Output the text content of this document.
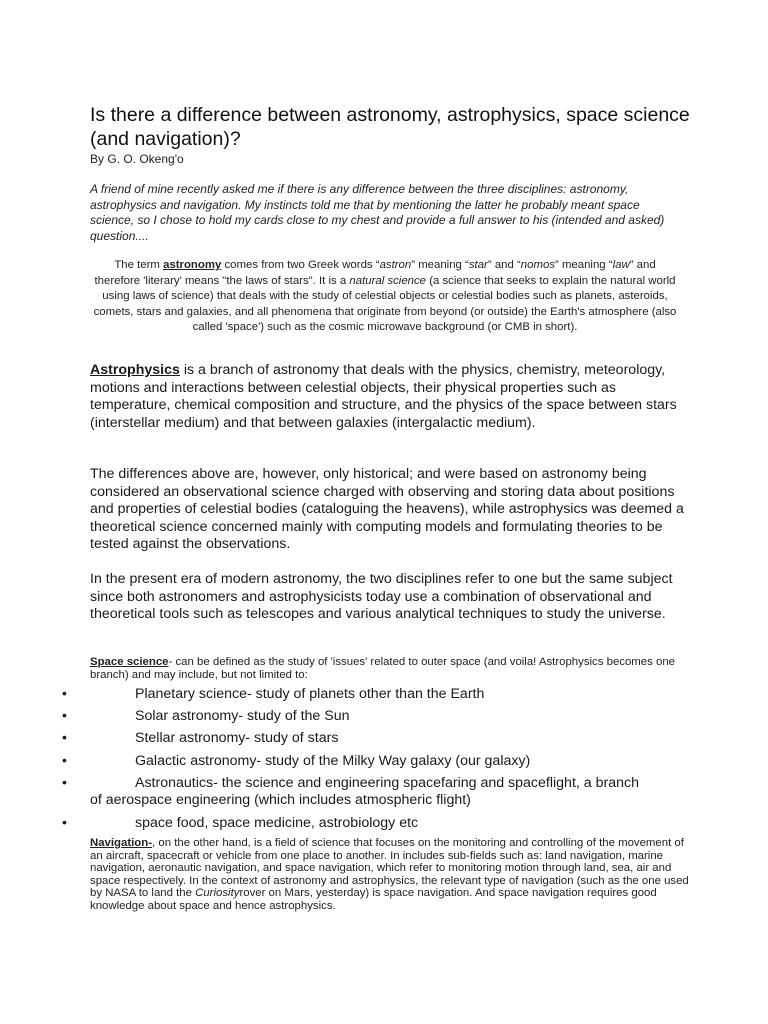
Is there a difference between astronomy, astrophysics, space science (and navigation)?
By G. O. Okeng'o

A friend of mine recently asked me if there is any difference between the three disciplines: astronomy, astrophysics and navigation. My instincts told me that by mentioning the latter he probably meant space science, so I chose to hold my cards close to my chest and provide a full answer to his (intended and asked) question....

The term astronomy comes from two Greek words “astron” meaning “star” and “nomos” meaning “law” and therefore 'literary' means "the laws of stars". It is a natural science (a science that seeks to explain the natural world using laws of science) that deals with the study of celestial objects or celestial bodies such as planets, asteroids, comets, stars and galaxies, and all phenomena that originate from beyond (or outside) the Earth's atmosphere (also called 'space') such as the cosmic microwave background (or CMB in short).

Astrophysics is a branch of astronomy that deals with the physics, chemistry, meteorology, motions and interactions between celestial objects, their physical properties such as temperature, chemical composition and structure, and the physics of the space between stars (interstellar medium) and that between galaxies (intergalactic medium).

The differences above are, however, only historical; and were based on astronomy being considered an observational science charged with observing and storing data about positions and properties of celestial bodies (cataloguing the heavens), while astrophysics was deemed a theoretical science concerned mainly with computing models and formulating theories to be tested against the observations.

In the present era of modern astronomy, the two disciplines refer to one but the same subject since both astronomers and astrophysicists today use a combination of observational and theoretical tools such as telescopes and various analytical techniques to study the universe.

Space science- can be defined as the study of 'issues' related to outer space (and voila! Astrophysics becomes one branch) and may include, but not limited to:

•	Planetary science- study of planets other than the Earth
•	Solar astronomy- study of the Sun
•	Stellar astronomy- study of stars
•	Galactic astronomy- study of the Milky Way galaxy (our galaxy)
•	Astronautics- the science and engineering spacefaring and spaceflight, a branch
of aerospace engineering (which includes atmospheric flight)
•	space food, space medicine, astrobiology etc

Navigation-, on the other hand, is a field of science that focuses on the monitoring and controlling of the movement of an aircraft, spacecraft or vehicle from one place to another. In includes sub-fields such as: land navigation, marine navigation, aeronautic navigation, and space navigation, which refer to monitoring motion through land, sea, air and space respectively. In the context of astronomy and astrophysics, the relevant type of navigation (such as the one used by NASA to land the Curiosityrover on Mars, yesterday) is space navigation. And space navigation requires good knowledge about space and hence astrophysics.
